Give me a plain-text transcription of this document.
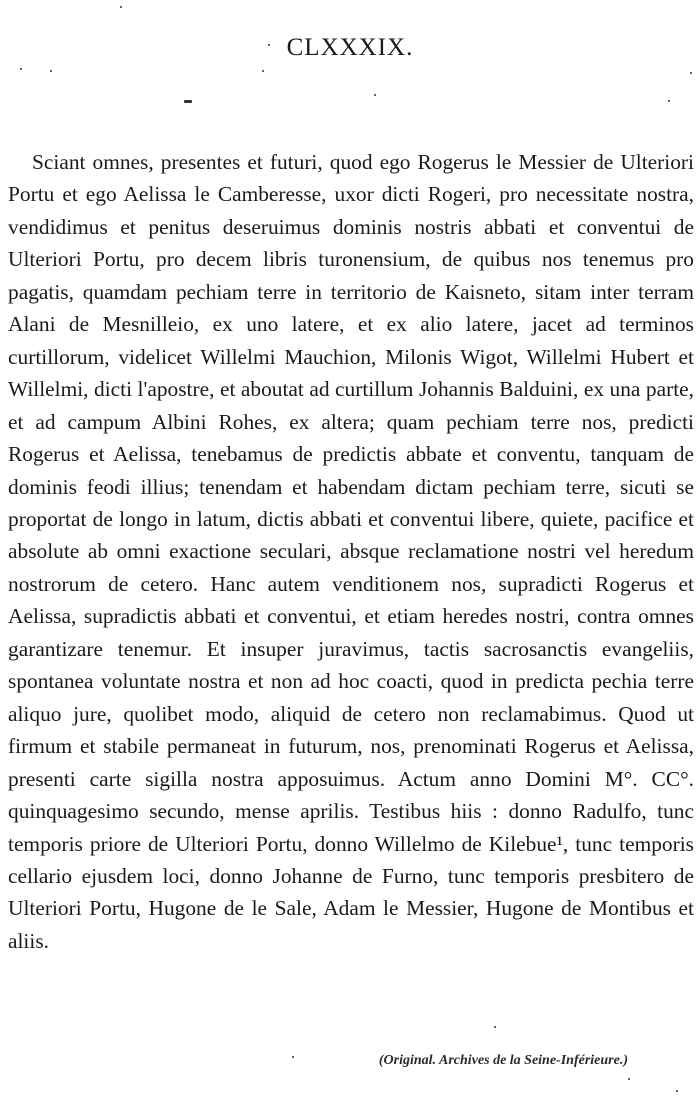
CLXXXIX.

Sciant omnes, presentes et futuri, quod ego Rogerus le Messier de Ulteriori Portu et ego Aelissa le Camberesse, uxor dicti Rogeri, pro necessitate nostra, vendidimus et penitus deseruimus dominis nostris abbati et conventui de Ulteriori Portu, pro decem libris turonensium, de quibus nos tenemus pro pagatis, quamdam pechiam terre in territorio de Kaisneto, sitam inter terram Alani de Mesnilleio, ex uno latere, et ex alio latere, jacet ad terminos curtillorum, videlicet Willelmi Mauchion, Milonis Wigot, Willelmi Hubert et Willelmi, dicti l'apostre, et aboutat ad curtillum Johannis Balduini, ex una parte, et ad campum Albini Rohes, ex altera; quam pechiam terre nos, predicti Rogerus et Aelissa, tenebamus de predictis abbate et conventu, tanquam de dominis feodi illius; tenendam et habendam dictam pechiam terre, sicuti se proportat de longo in latum, dictis abbati et conventui libere, quiete, pacifice et absolute ab omni exactione seculari, absque reclamatione nostri vel heredum nostrorum de cetero. Hanc autem venditionem nos, supradicti Rogerus et Aelissa, supradictis abbati et conventui, et etiam heredes nostri, contra omnes garantizare tenemur. Et insuper juravimus, tactis sacrosanctis evangeliis, spontanea voluntate nostra et non ad hoc coacti, quod in predicta pechia terre aliquo jure, quolibet modo, aliquid de cetero non reclamabimus. Quod ut firmum et stabile permaneat in futurum, nos, prenominati Rogerus et Aelissa, presenti carte sigilla nostra apposuimus. Actum anno Domini M°. CC°. quinquagesimo secundo, mense aprilis. Testibus hiis : donno Radulfo, tunc temporis priore de Ulteriori Portu, donno Willelmo de Kilebue¹, tunc temporis cellario ejusdem loci, donno Johanne de Furno, tunc temporis presbitero de Ulteriori Portu, Hugone de le Sale, Adam le Messier, Hugone de Montibus et aliis.

(Original. Archives de la Seine-Inférieure.)
